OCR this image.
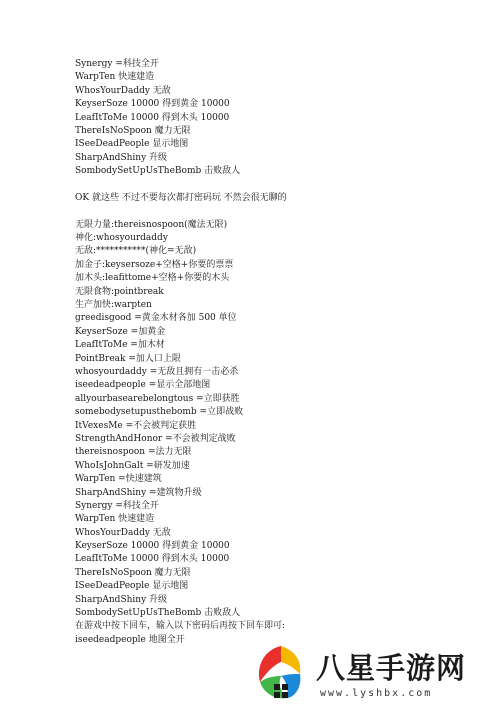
Synergy =科技全开
WarpTen 快速建造
WhosYourDaddy 无敌
KeyserSoze 10000 得到黄金 10000
LeafItToMe 10000 得到木头 10000
ThereIsNoSpoon 魔力无限
ISeeDeadPeople 显示地图
SharpAndShiny 升级
SombodySetUpUsTheBomb 击败敌人
OK 就这些 不过不要每次都打密码玩 不然会很无聊的
无限力量:thereisnospoon(魔法无限)
神化:whosyourdaddy
无敌:***********(神化=无敌)
加金子:keysersoze+空格+你要的票票
加木头:leafittome+空格+你要的木头
无限食物:pointbreak
生产加快:warpten
greedisgood =黄金木材各加 500 单位
KeyserSoze =加黄金
LeafItToMe =加木材
PointBreak =加人口上限
whosyourdaddy =无敌且拥有一击必杀
iseedeadpeople =显示全部地图
allyourbasearebelongtous =立即获胜
somebodysetupusthebomb =立即战败
ItVexesMe =不会被判定获胜
StrengthAndHonor =不会被判定战败
thereisnospoon =法力无限
WhoIsJohnGalt =研发加速
WarpTen =快速建筑
SharpAndShiny =建筑物升级
Synergy =科技全开
WarpTen 快速建造
WhosYourDaddy 无敌
KeyserSoze 10000 得到黄金 10000
LeafItToMe 10000 得到木头 10000
ThereIsNoSpoon 魔力无限
ISeeDeadPeople 显示地图
SharpAndShiny 升级
SombodySetUpUsTheBomb 击败敌人
在游戏中按下回车，输入以下密码后再按下回车即可:
iseedeadpeople 地图全开
八星手游网
www.lyshbx.com
